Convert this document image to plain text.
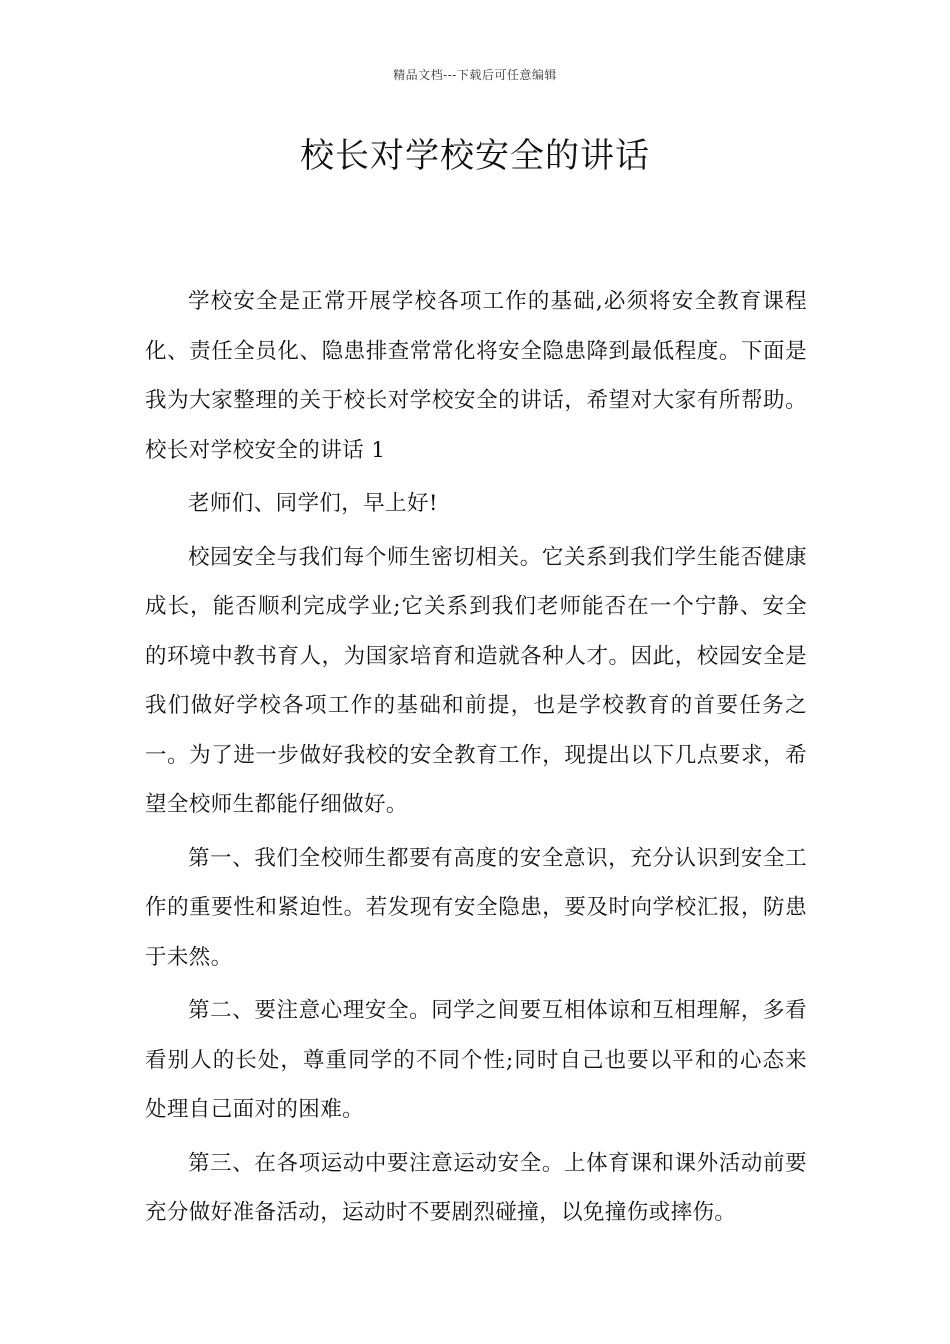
精品文档---下载后可任意编辑
校长对学校安全的讲话

学校安全是正常开展学校各项工作的基础,必须将安全教育课程化、责任全员化、隐患排查常常化将安全隐患降到最低程度。下面是我为大家整理的关于校长对学校安全的讲话，希望对大家有所帮助。校长对学校安全的讲话 1

老师们、同学们，早上好!

校园安全与我们每个师生密切相关。它关系到我们学生能否健康成长，能否顺利完成学业;它关系到我们老师能否在一个宁静、安全的环境中教书育人，为国家培育和造就各种人才。因此，校园安全是我们做好学校各项工作的基础和前提，也是学校教育的首要任务之一。为了进一步做好我校的安全教育工作，现提出以下几点要求，希望全校师生都能仔细做好。

第一、我们全校师生都要有高度的安全意识，充分认识到安全工作的重要性和紧迫性。若发现有安全隐患，要及时向学校汇报，防患于未然。

第二、要注意心理安全。同学之间要互相体谅和互相理解，多看看别人的长处，尊重同学的不同个性;同时自己也要以平和的心态来处理自己面对的困难。

第三、在各项运动中要注意运动安全。上体育课和课外活动前要充分做好准备活动，运动时不要剧烈碰撞，以免撞伤或摔伤。
